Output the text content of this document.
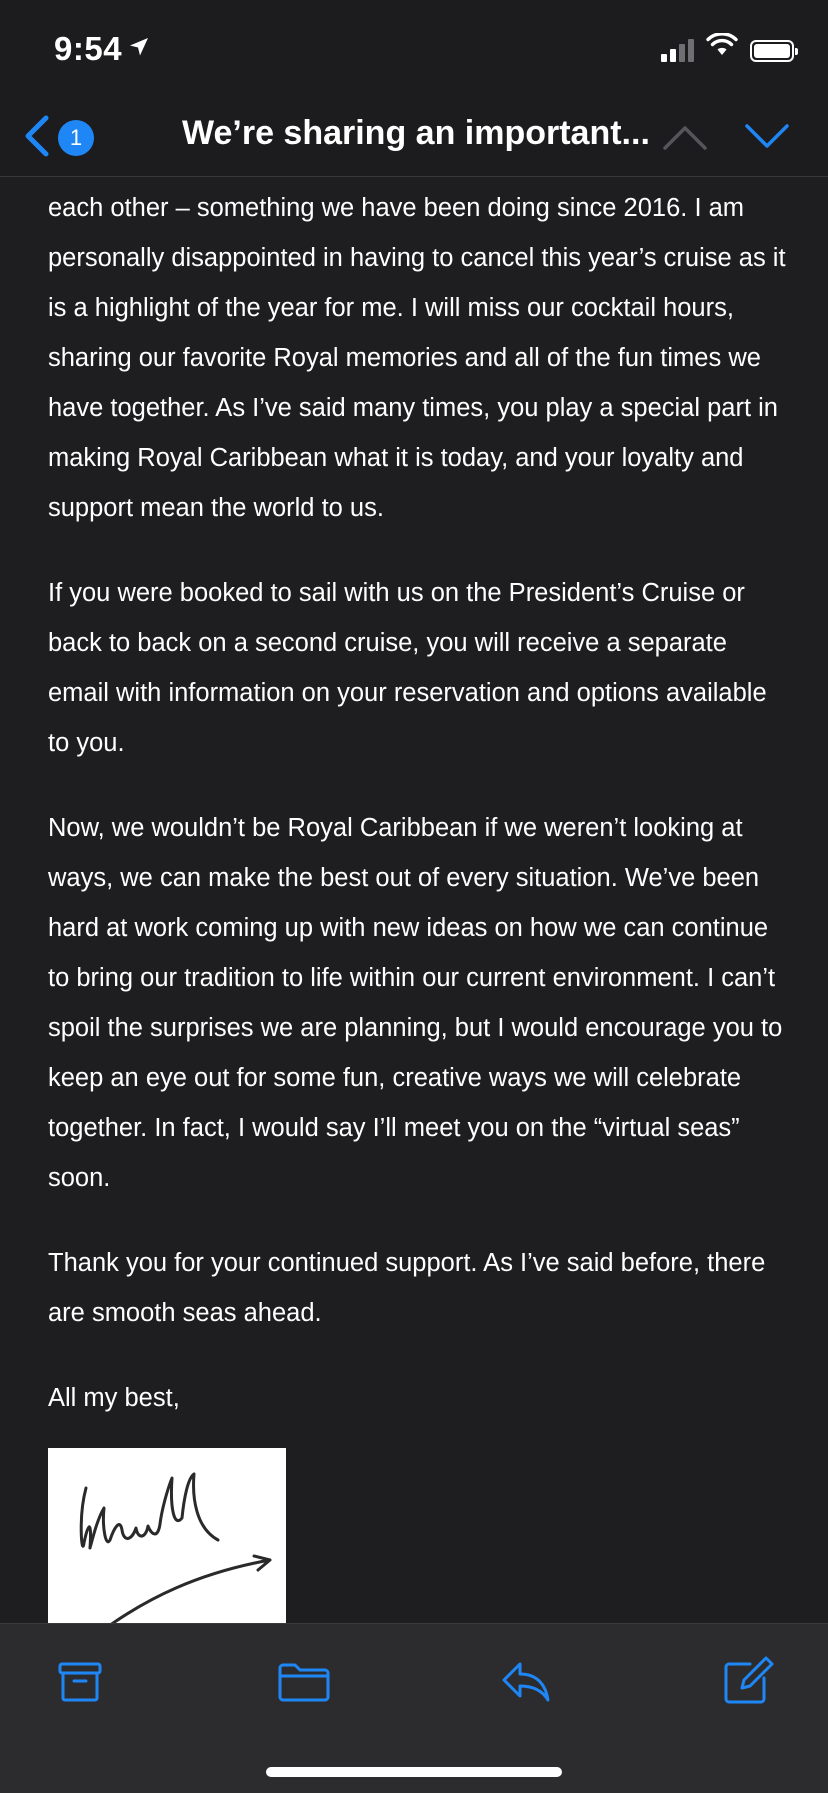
9:54
1	We’re sharing an important...

each other – something we have been doing since 2016. I am personally disappointed in having to cancel this year’s cruise as it is a highlight of the year for me. I will miss our cocktail hours, sharing our favorite Royal memories and all of the fun times we have together. As I’ve said many times, you play a special part in making Royal Caribbean what it is today, and your loyalty and support mean the world to us.

If you were booked to sail with us on the President’s Cruise or back to back on a second cruise, you will receive a separate email with information on your reservation and options available to you.

Now, we wouldn’t be Royal Caribbean if we weren’t looking at ways, we can make the best out of every situation. We’ve been hard at work coming up with new ideas on how we can continue to bring our tradition to life within our current environment. I can’t spoil the surprises we are planning, but I would encourage you to keep an eye out for some fun, creative ways we will celebrate together. In fact, I would say I’ll meet you on the “virtual seas” soon.

Thank you for your continued support. As I’ve said before, there are smooth seas ahead.

All my best,
